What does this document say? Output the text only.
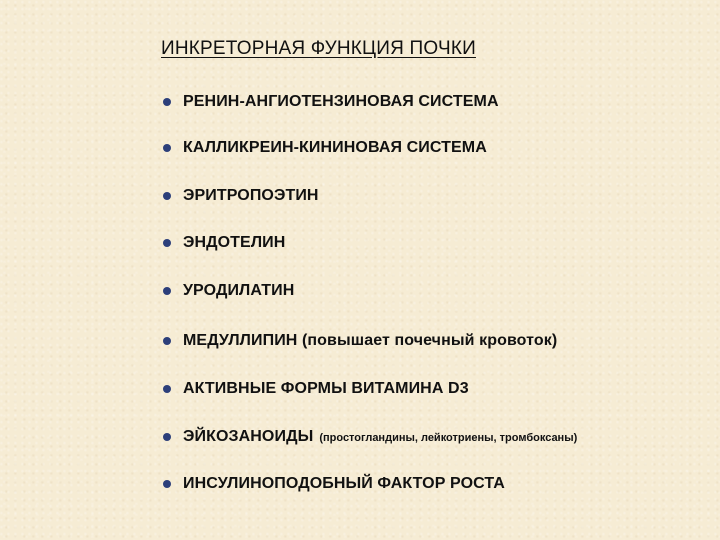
ИНКРЕТОРНАЯ ФУНКЦИЯ ПОЧКИ
РЕНИН-АНГИОТЕНЗИНОВАЯ СИСТЕМА
КАЛЛИКРЕИН-КИНИНОВАЯ СИСТЕМА
ЭРИТРОПОЭТИН
ЭНДОТЕЛИН
УРОДИЛАТИН
МЕДУЛЛИПИН (повышает почечный кровоток)
АКТИВНЫЕ ФОРМЫ ВИТАМИНА D3
ЭЙКОЗАНОИДЫ (простогландины, лейкотриены, тромбоксаны)
ИНСУЛИНОПОДОБНЫЙ ФАКТОР РОСТА
